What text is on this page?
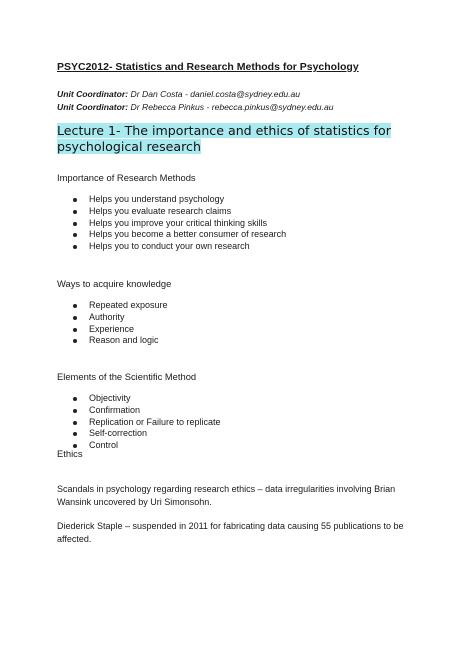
PSYC2012- Statistics and Research Methods for Psychology
Unit Coordinator: Dr Dan Costa - daniel.costa@sydney.edu.au
Unit Coordinator: Dr Rebecca Pinkus - rebecca.pinkus@sydney.edu.au
Lecture 1- The importance and ethics of statistics for psychological research

Importance of Research Methods

Helps you understand psychology
Helps you evaluate research claims
Helps you improve your critical thinking skills
Helps you become a better consumer of research
Helps you to conduct your own research

Ways to acquire knowledge

Repeated exposure
Authority
Experience
Reason and logic

Elements of the Scientific Method

Objectivity
Confirmation
Replication or Failure to replicate
Self-correction
Control

Ethics

Scandals in psychology regarding research ethics – data irregularities involving Brian Wansink uncovered by Uri Simonsohn.

Diederick Staple – suspended in 2011 for fabricating data causing 55 publications to be affected.
